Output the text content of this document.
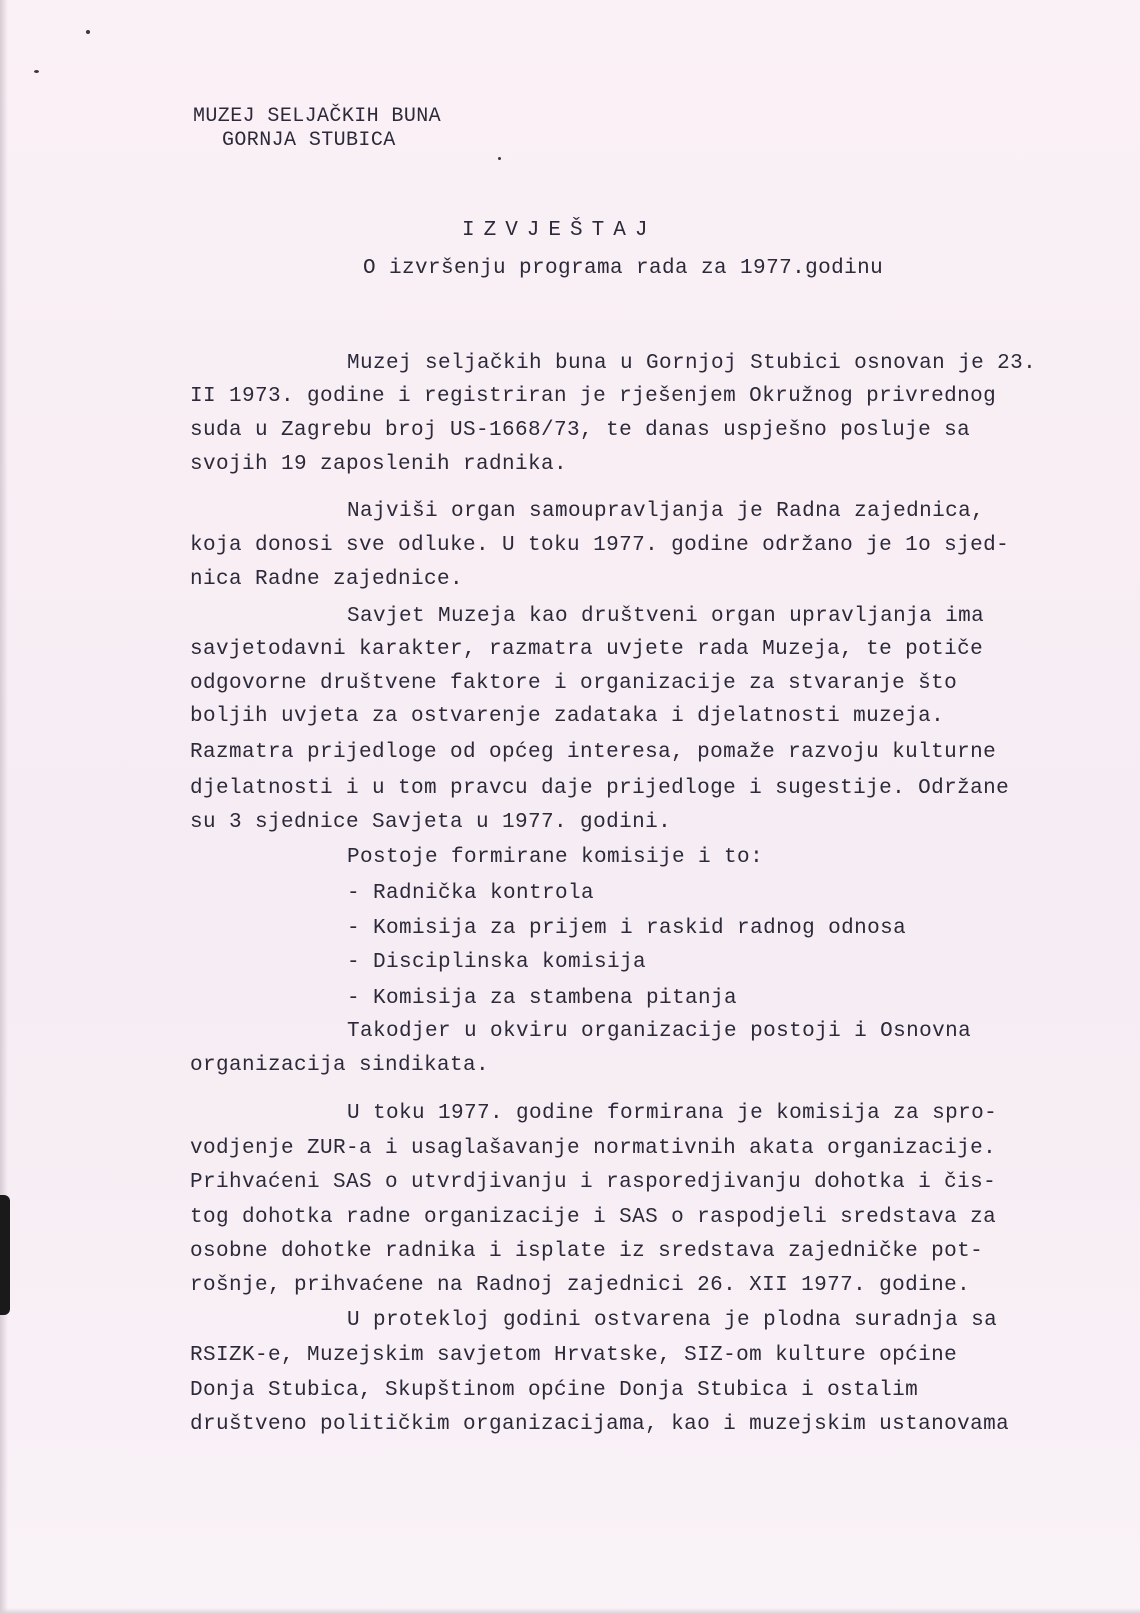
MUZEJ SELJAČKIH BUNA
GORNJA STUBICA
IZVJEŠTAJ
O izvršenju programa rada za 1977.godinu
Muzej seljačkih buna u Gornjoj Stubici osnovan je 23.
II 1973. godine i registriran je rješenjem Okružnog privrednog
suda u Zagrebu broj US-1668/73, te danas uspješno posluje sa
svojih 19 zaposlenih radnika.
Najviši organ samoupravljanja je Radna zajednica,
koja donosi sve odluke. U toku 1977. godine održano je 1o sjed-
nica Radne zajednice.
Savjet Muzeja kao društveni organ upravljanja ima
savjetodavni karakter, razmatra uvjete rada Muzeja, te potiče
odgovorne društvene faktore i organizacije za stvaranje što
boljih uvjeta za ostvarenje zadataka i djelatnosti muzeja.
Razmatra prijedloge od općeg interesa, pomaže razvoju kulturne
djelatnosti i u tom pravcu daje prijedloge i sugestije. Održane
su 3 sjednice Savjeta u 1977. godini.
Postoje formirane komisije i to:
- Radnička kontrola
- Komisija za prijem i raskid radnog odnosa
- Disciplinska komisija
- Komisija za stambena pitanja
Takodjer u okviru organizacije postoji i Osnovna
organizacija sindikata.
U toku 1977. godine formirana je komisija za spro-
vodjenje ZUR-a i usaglašavanje normativnih akata organizacije.
Prihvaćeni SAS o utvrdjivanju i rasporedjivanju dohotka i čis-
tog dohotka radne organizacije i SAS o raspodjeli sredstava za
osobne dohotke radnika i isplate iz sredstava zajedničke pot-
rošnje, prihvaćene na Radnoj zajednici 26. XII 1977. godine.
U proteklој godini ostvarena je plodna suradnja sa
RSIZK-e, Muzejskim savjetom Hrvatske, SIZ-om kulture općine
Donja Stubica, Skupštinom općine Donja Stubica i ostalim
društveno političkim organizacijama, kao i muzejskim ustanovama
